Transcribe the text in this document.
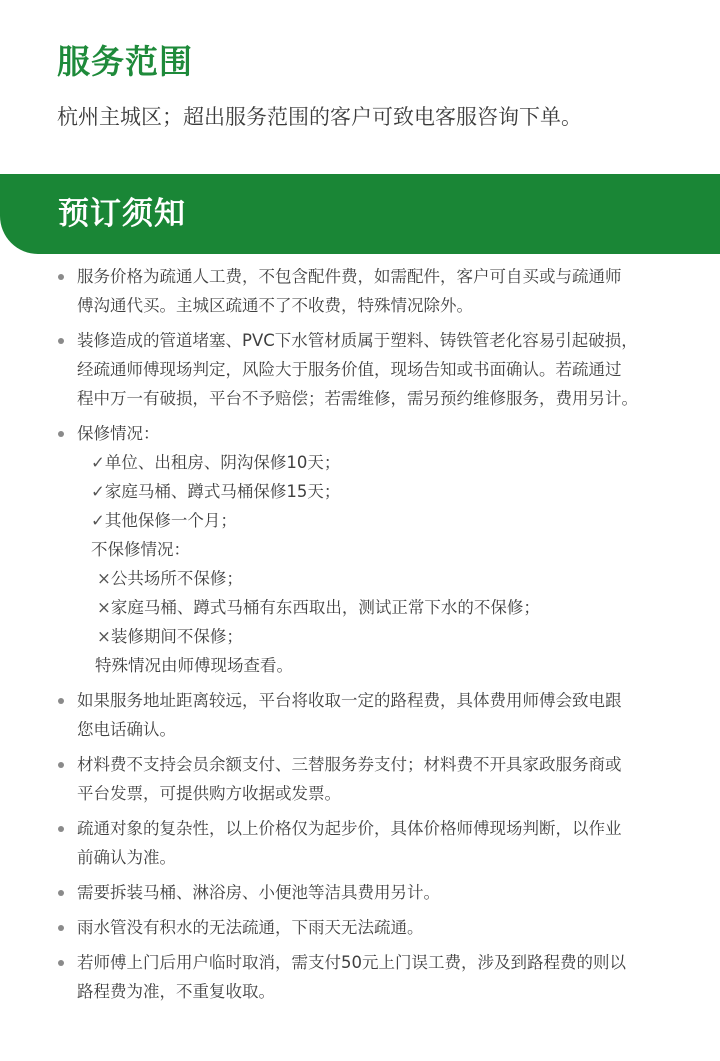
服务范围

杭州主城区；超出服务范围的客户可致电客服咨询下单。

预订须知
服务价格为疏通人工费，不包含配件费，如需配件，客户可自买或与疏通师
傅沟通代买。主城区疏通不了不收费，特殊情况除外。
装修造成的管道堵塞、PVC下水管材质属于塑料、铸铁管老化容易引起破损，
经疏通师傅现场判定，风险大于服务价值，现场告知或书面确认。若疏通过
程中万一有破损，平台不予赔偿；若需维修，需另预约维修服务，费用另计。
保修情况：
✓单位、出租房、阴沟保修10天；
✓家庭马桶、蹲式马桶保修15天；
✓其他保修一个月；
不保修情况：
×公共场所不保修；
×家庭马桶、蹲式马桶有东西取出，测试正常下水的不保修；
×装修期间不保修；
特殊情况由师傅现场查看。
如果服务地址距离较远，平台将收取一定的路程费，具体费用师傅会致电跟
您电话确认。
材料费不支持会员余额支付、三替服务券支付；材料费不开具家政服务商或
平台发票，可提供购方收据或发票。
疏通对象的复杂性，以上价格仅为起步价，具体价格师傅现场判断，以作业
前确认为准。
需要拆装马桶、淋浴房、小便池等洁具费用另计。
雨水管没有积水的无法疏通，下雨天无法疏通。
若师傅上门后用户临时取消，需支付50元上门误工费，涉及到路程费的则以
路程费为准，不重复收取。
